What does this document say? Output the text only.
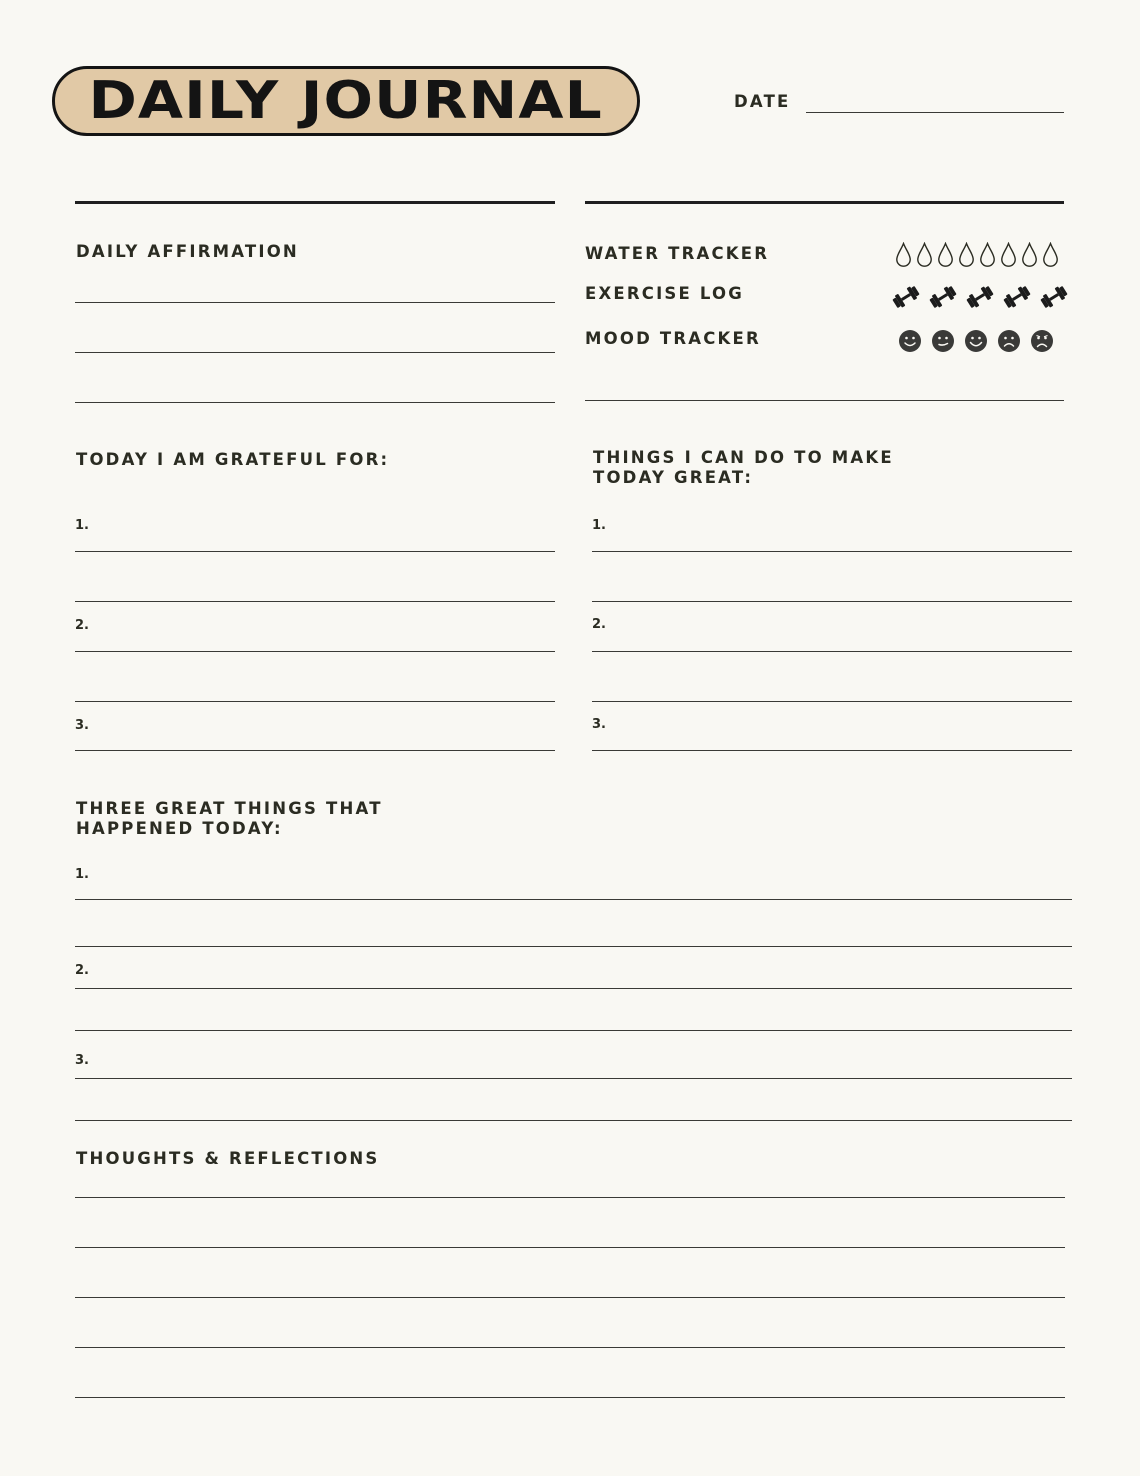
DAILY JOURNAL	DATE
DAILY AFFIRMATION	WATER TRACKER
EXERCISE LOG
MOOD TRACKER
TODAY I AM GRATEFUL FOR:
1.
2.
3.
THINGS I CAN DO TO MAKE
TODAY GREAT:
1.
2.
3.
THREE GREAT THINGS THAT
HAPPENED TODAY:
1.
2.
3.
THOUGHTS & REFLECTIONS
